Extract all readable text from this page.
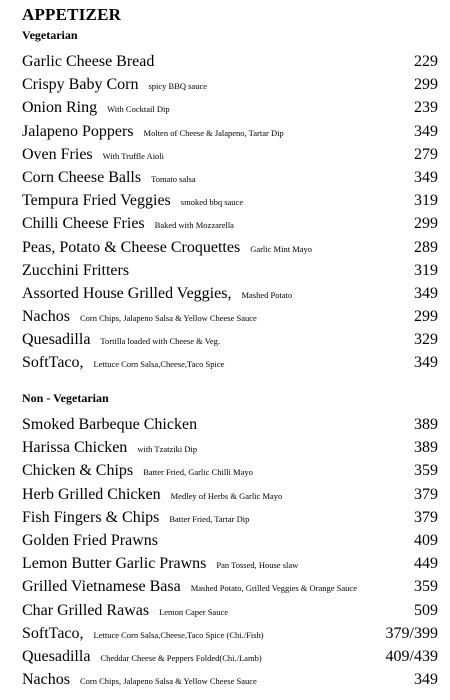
APPETIZER
Vegetarian
Garlic Cheese Bread	229
Crispy Baby Corn spicy BBQ sauce	299
Onion Ring With Cocktail Dip	239
Jalapeno Poppers Molten of Cheese & Jalapeno, Tartar Dip	349
Oven Fries With Truffle Aioli	279
Corn Cheese Balls Tomato salsa	349
Tempura Fried Veggies smoked bbq sauce	319
Chilli Cheese Fries Baked with Mozzarella	299
Peas, Potato & Cheese Croquettes Garlic Mint Mayo	289
Zucchini Fritters	319
Assorted House Grilled Veggies, Mashed Potato	349
Nachos Corn Chips, Jalapeno Salsa & Yellow Cheese Sauce	299
Quesadilla Tortilla loaded with Cheese & Veg.	329
SoftTaco, Lettuce Corn Salsa,Cheese,Taco Spice	349
Non - Vegetarian
Smoked Barbeque Chicken	389
Harissa Chicken with Tzatziki Dip	389
Chicken & Chips Batter Fried, Garlic Chilli Mayo	359
Herb Grilled Chicken Medley of Herbs & Garlic Mayo	379
Fish Fingers & Chips Batter Fried, Tartar Dip	379
Golden Fried Prawns	409
Lemon Butter Garlic Prawns Pan Tossed, House slaw	449
Grilled Vietnamese Basa Mashed Potato, Grilled Veggies & Orange Sauce	359
Char Grilled Rawas Lemon Caper Sauce	509
SoftTaco, Lettuce Corn Salsa,Cheese,Taco Spice (Chi./Fish)	379/399
Quesadilla Cheddar Cheese & Peppers Folded(Chi./Lamb)	409/439
Nachos Corn Chips, Jalapeno Salsa & Yellow Cheese Sauce	349
